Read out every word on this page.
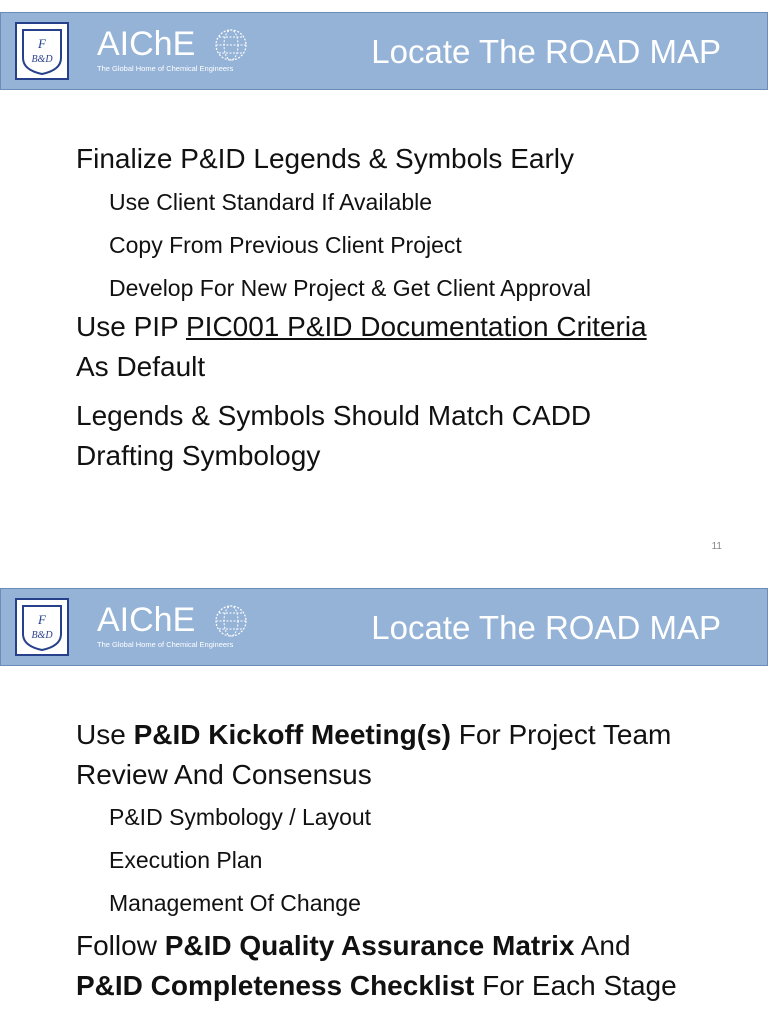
F
B&D AIChE
The Global Home of Chemical Engineers	Locate The ROAD MAP
Finalize P&ID Legends & Symbols Early
Use Client Standard If Available
Copy From Previous Client Project
Develop For New Project & Get Client Approval
Use PIP PIC001 P&ID Documentation Criteria
As Default
Legends & Symbols Should Match CADD
Drafting Symbology
11
F
B&D AIChE
The Global Home of Chemical Engineers	Locate The ROAD MAP
Use P&ID Kickoff Meeting(s) For Project Team
Review And Consensus
P&ID Symbology / Layout
Execution Plan
Management Of Change
Follow P&ID Quality Assurance Matrix And
P&ID Completeness Checklist For Each Stage
